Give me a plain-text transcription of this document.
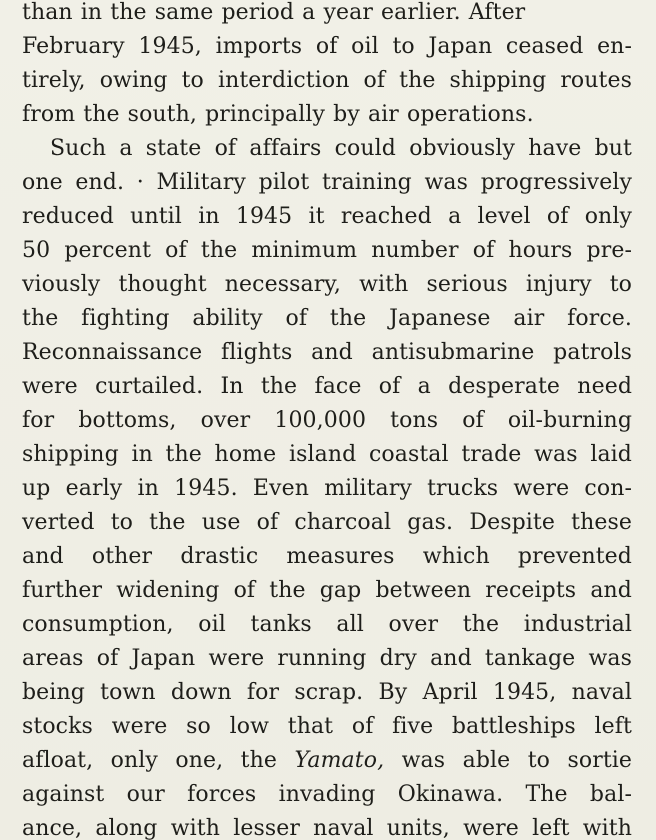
than in the same period a year earlier. After
February 1945, imports of oil to Japan ceased en-
tirely, owing to interdiction of the shipping routes
from the south, principally by air operations.
Such a state of affairs could obviously have but
one end. · Military pilot training was progressively
reduced until in 1945 it reached a level of only
50 percent of the minimum number of hours pre-
viously thought necessary, with serious injury to
the fighting ability of the Japanese air force.
Reconnaissance flights and antisubmarine patrols
were curtailed. In the face of a desperate need
for bottoms, over 100,000 tons of oil-burning
shipping in the home island coastal trade was laid
up early in 1945. Even military trucks were con-
verted to the use of charcoal gas. Despite these
and other drastic measures which prevented
further widening of the gap between receipts and
consumption, oil tanks all over the industrial
areas of Japan were running dry and tankage was
being town down for scrap. By April 1945, naval
stocks were so low that of five battleships left
afloat, only one, the Yamato, was able to sortie
against our forces invading Okinawa. The bal-
ance, along with lesser naval units, were left with
